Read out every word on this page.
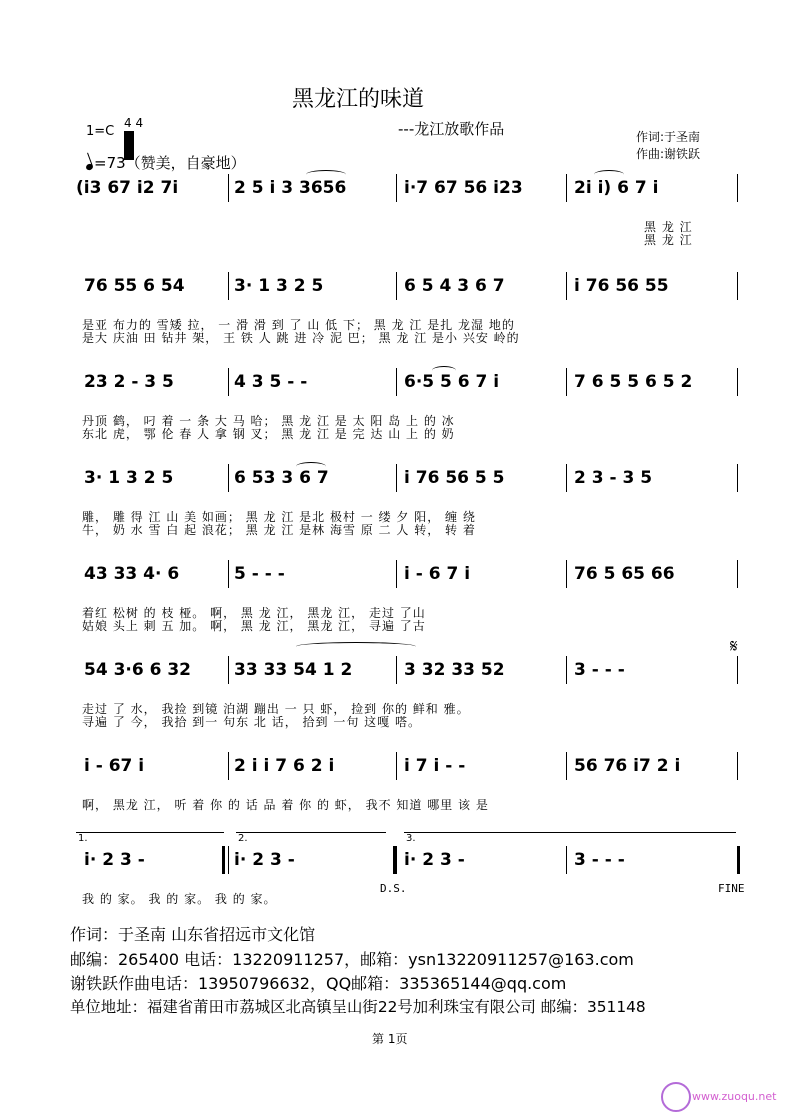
黑龙江的味道
---龙江放歌作品
1=C
4 4
=73（赞美，自豪地）
作词:于圣南
作曲:谢铁跃
(i3 67 i2 7i	2 5 i 3 3656	i·7 67 56 i23	2i i) 6 7 i
黑 龙 江
黑 龙 江
76 55 6 54	3· 1 3 2 5	6 5 4 3 6 7	i 76 56 55
是亚 布力的 雪矮 拉， 一 滑 滑 到 了 山 低 下； 黑 龙 江 是扎 龙湿 地的
是大 庆油 田 钻井 架， 王 铁 人 跳 进 冷 泥 巴； 黑 龙 江 是小 兴安 岭的
23 2 - 3 5	4 3 5 - -	6·5 5 6 7 i	7 6 5 5 6 5 2
丹顶 鹤， 叼 着 一 条 大 马 哈； 黑 龙 江 是 太 阳 岛 上 的 冰
东北 虎， 鄂 伦 春 人 拿 钢 叉； 黑 龙 江 是 完 达 山 上 的 奶
3· 1 3 2 5	6 53 3 6 7	i 76 56 5 5	2 3 - 3 5
雕， 雕 得 江 山 美 如画； 黑 龙 江 是北 极村 一 缕 夕 阳， 缠 绕
牛， 奶 水 雪 白 起 浪花； 黑 龙 江 是林 海雪 原 二 人 转， 转 着
43 33 4· 6	5 - - -	i - 6 7 i	76 5 65 66
着红 松树 的 枝 桠。 啊， 黑 龙 江， 黑龙 江， 走过 了山
姑娘 头上 刺 五 加。 啊， 黑 龙 江， 黑龙 江， 寻遍 了古
54 3·6 6 32	33 33 54 1 2	3 32 33 52	3 - - -
走过 了 水， 我捡 到镜 泊湖 蹦出 一 只 虾， 捡到 你的 鲜和 雅。
寻遍 了 今， 我拾 到一 句东 北 话， 拾到 一句 这嘎 嗒。
i - 67 i	2 i i 7 6 2 i	i 7 i - -	56 76 i7 2 i
啊， 黑龙 江， 听 着 你 的 话 品 着 你 的 虾， 我不 知道 哪里 该 是
i· 2 3 -	i· 2 3 -	i· 2 3 -	3 - - -
我 的 家。 我 的 家。 我 的 家。
1.	2.	3.
D.S.	FINE
𝄋
作词：于圣南 山东省招远市文化馆
邮编：265400 电话：13220911257，邮箱：ysn13220911257@163.com
谢铁跃作曲电话：13950796632，QQ邮箱：335365144@qq.com
单位地址：福建省莆田市荔城区北高镇呈山街22号加利珠宝有限公司 邮编：351148
第 1页
www.zuoqu.net
